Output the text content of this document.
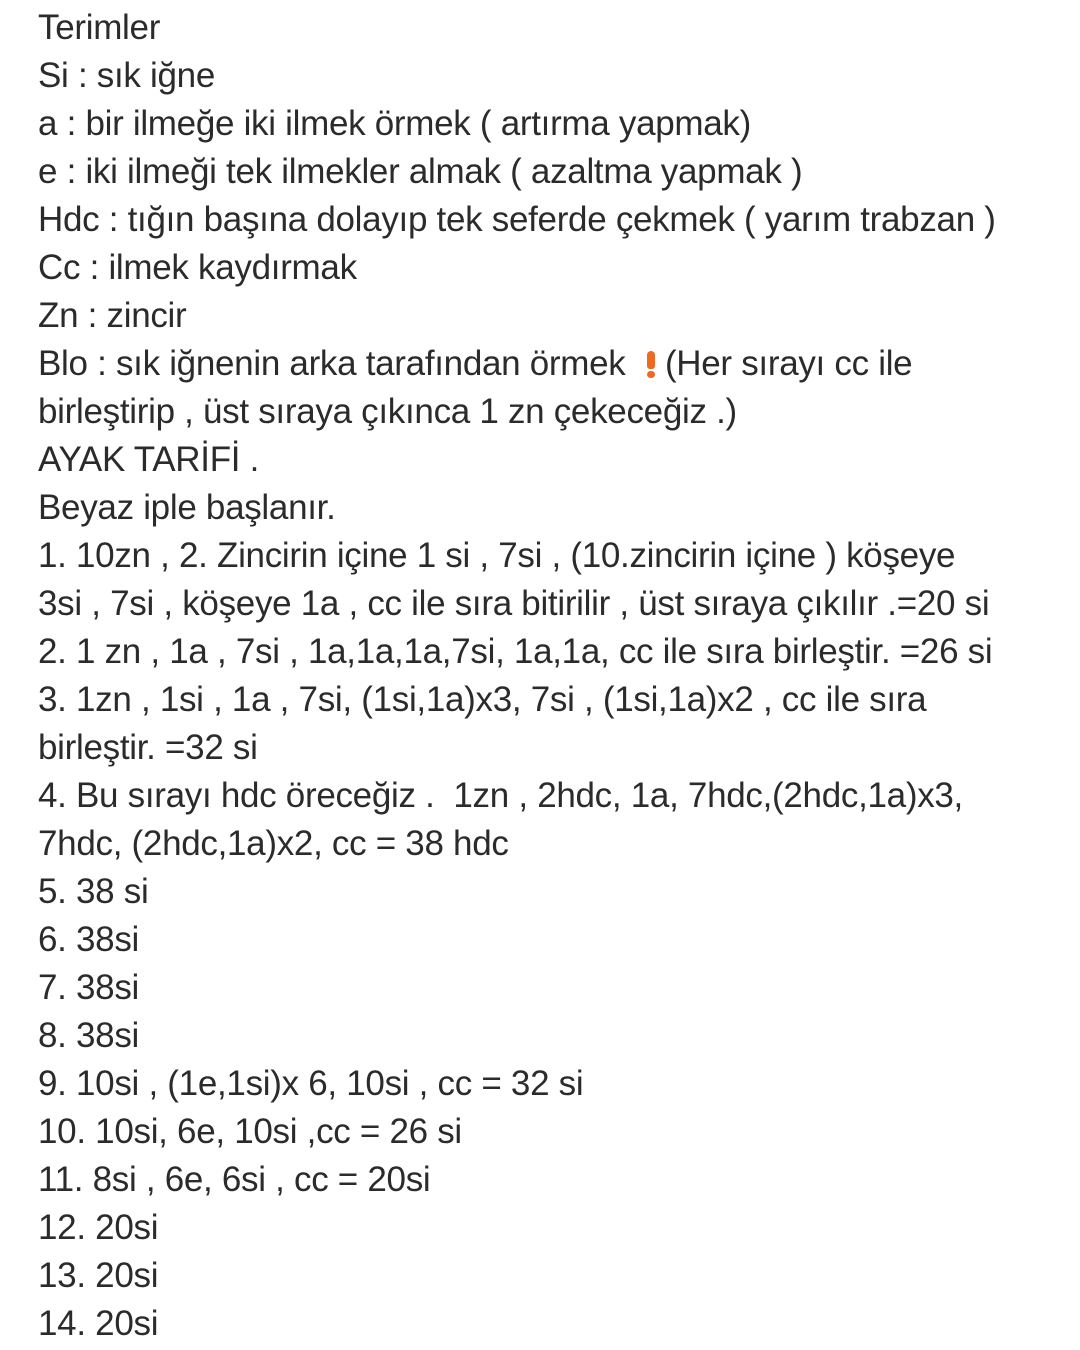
Terimler
Si : sık iğne
a : bir ilmeğe iki ilmek örmek ( artırma yapmak)
e : iki ilmeği tek ilmekler almak ( azaltma yapmak )
Hdc : tığın başına dolayıp tek seferde çekmek ( yarım trabzan )
Cc : ilmek kaydırmak
Zn : zincir
Blo : sık iğnenin arka tarafından örmek
(Her sırayı cc ile
birleştirip , üst sıraya çıkınca 1 zn çekeceğiz .)
AYAK TARİFİ .
Beyaz iple başlanır.
1. 10zn , 2. Zincirin içine 1 si , 7si , (10.zincirin içine ) köşeye
3si , 7si , köşeye 1a , cc ile sıra bitirilir , üst sıraya çıkılır .=20 si
2. 1 zn , 1a , 7si , 1a,1a,1a,7si, 1a,1a, cc ile sıra birleştir. =26 si
3. 1zn , 1si , 1a , 7si, (1si,1a)x3, 7si , (1si,1a)x2 , cc ile sıra
birleştir. =32 si
4. Bu sırayı hdc öreceğiz .  1zn , 2hdc, 1a, 7hdc,(2hdc,1a)x3,
7hdc, (2hdc,1a)x2, cc = 38 hdc
5. 38 si
6. 38si
7. 38si
8. 38si
9. 10si , (1e,1si)x 6, 10si , cc = 32 si
10. 10si, 6e, 10si ,cc = 26 si
11. 8si , 6e, 6si , cc = 20si
12. 20si
13. 20si
14. 20si
